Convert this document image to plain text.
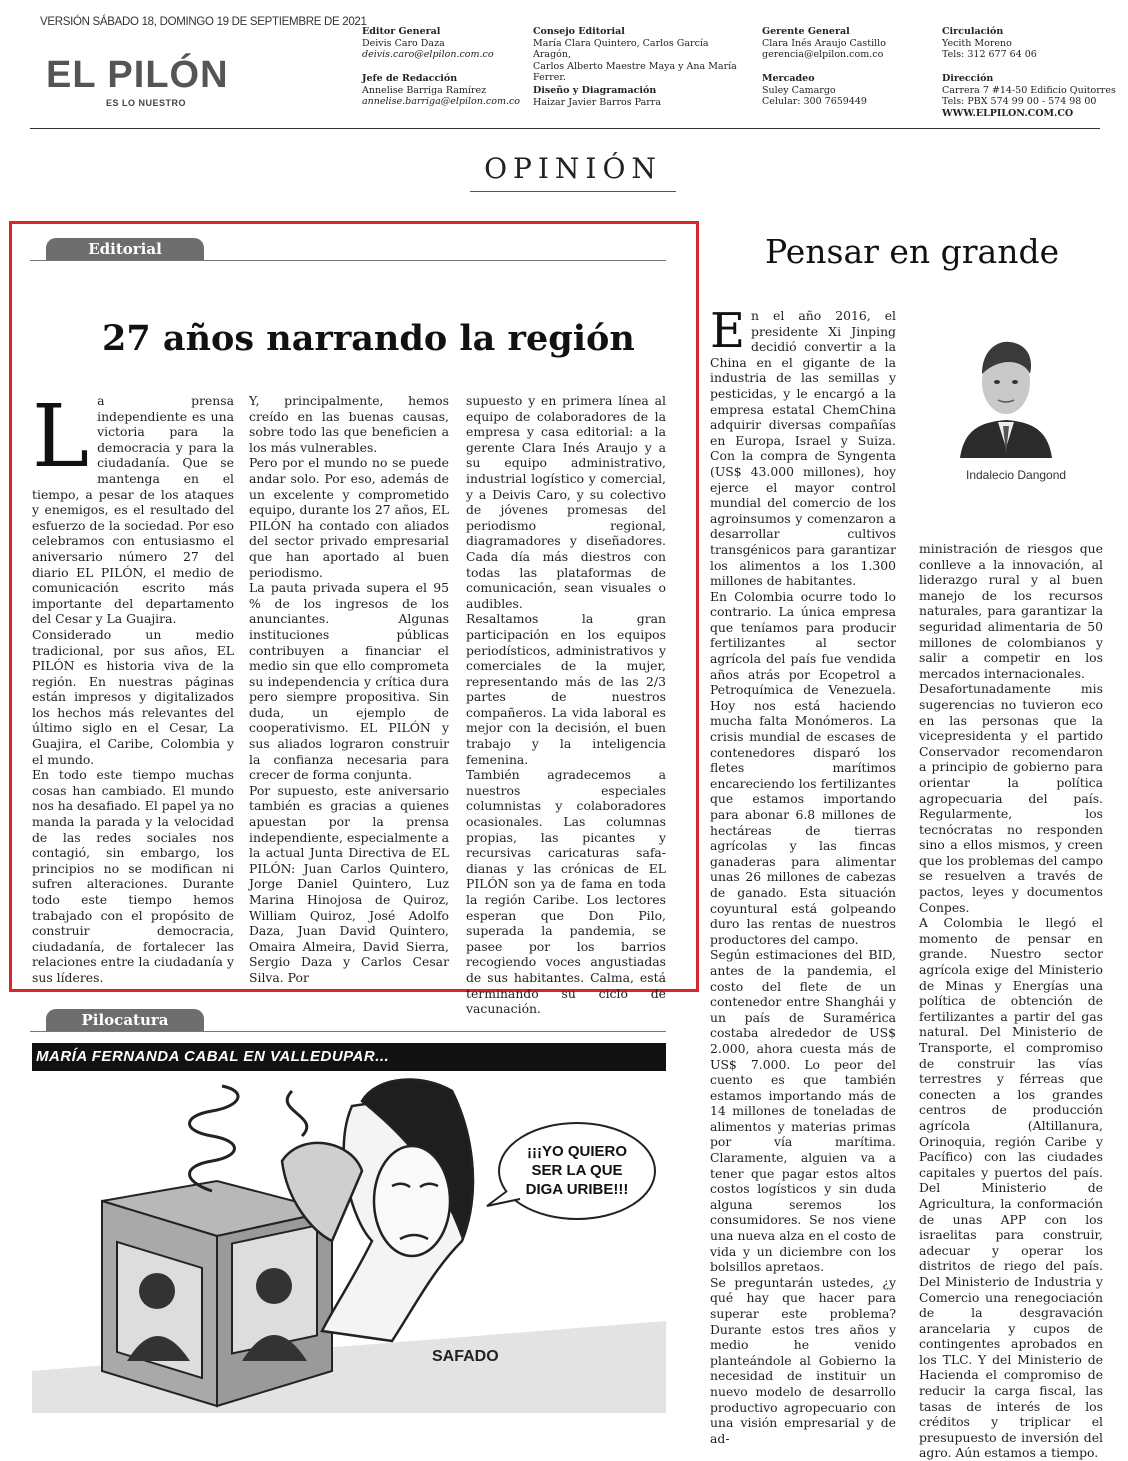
VERSIÓN SÁBADO 18, DOMINGO 19 DE SEPTIEMBRE DE 2021
EL PILÓN
ES LO NUESTRO
Editor General
Deivis Caro Daza
deivis.caro@elpilon.com.co
Jefe de Redacción
Annelise Barriga Ramírez
annelise.barriga@elpilon.com.co
Consejo Editorial
María Clara Quintero, Carlos García Aragón,
Carlos Alberto Maestre Maya y Ana María
Ferrer.
Diseño y Diagramación
Haizar Javier Barros Parra
Gerente General
Clara Inés Araujo Castillo
gerencia@elpilon.com.co
Mercadeo
Suley Camargo
Celular: 300 7659449
Circulación
Yecith Moreno
Tels: 312 677 64 06
Dirección
Carrera 7 #14-50 Edificio Quitorres
Tels: PBX 574 99 00 - 574 98 00
WWW.ELPILON.COM.CO
OPINIÓN
Editorial
27 años narrando la región
L a prensa independiente es una victoria para la democracia y para la ciudadanía. Que se mantenga en el tiempo, a pesar de los ataques y enemigos, es el resultado del esfuerzo de la sociedad. Por eso celebramos con entusiasmo el aniversario número 27 del diario EL PILÓN, el medio de comunicación escrito más importante del departamento del Cesar y La Guajira.

Considerado un medio tradicional, por sus años, EL PILÓN es historia viva de la región. En nuestras páginas están impresos y digitalizados los hechos más relevantes del último siglo en el Cesar, La Guajira, el Caribe, Colombia y el mundo.

En todo este tiempo muchas cosas han cambiado. El mundo nos ha desafiado. El papel ya no manda la parada y la velocidad de las redes sociales nos contagió, sin embargo, los principios no se modifican ni sufren alteraciones. Durante todo este tiempo hemos trabajado con el propósito de construir democracia, ciudadanía, de fortalecer las relaciones entre la ciudadanía y sus líderes.

Y, principalmente, hemos creído en las buenas causas, sobre todo las que beneficien a los más vulnerables.

Pero por el mundo no se puede andar solo. Por eso, además de un excelente y comprometido equipo, durante los 27 años, EL PILÓN ha contado con aliados del sector privado empresarial que han aportado al buen periodismo.

La pauta privada supera el 95 % de los ingresos de los anunciantes. Algunas instituciones públicas contribuyen a financiar el medio sin que ello comprometa su independencia y crítica dura pero siempre propositiva. Sin duda, un ejemplo de cooperativismo. EL PILÓN y sus aliados lograron construir la confianza necesaria para crecer de forma conjunta.

Por supuesto, este aniversario también es gracias a quienes apuestan por la prensa independiente, especialmente a la actual Junta Directiva de EL PILÓN: Juan Carlos Quintero, Jorge Daniel Quintero, Luz Marina Hinojosa de Quiroz, William Quiroz, José Adolfo Daza, Juan David Quintero, Omaira Almeira, David Sierra, Sergio Daza y Carlos Cesar Silva. Por

supuesto y en primera línea al equipo de colaboradores de la empresa y casa editorial: a la gerente Clara Inés Araujo y a su equipo administrativo, industrial logístico y comercial, y a Deivis Caro, y su colectivo de jóvenes promesas del periodismo regional, diagramadores y diseñadores. Cada día más diestros con todas las plataformas de comunicación, sean visuales o audibles.

Resaltamos la gran participación en los equipos periodísticos, administrativos y comerciales de la mujer, representando más de las 2/3 partes de nuestros compañeros. La vida laboral es mejor con la decisión, el buen trabajo y la inteligencia femenina.

También agradecemos a nuestros especiales columnistas y colaboradores ocasionales. Las columnas propias, las picantes y recursivas caricaturas safa-dianas y las crónicas de EL PILÓN son ya de fama en toda la región Caribe. Los lectores esperan que Don Pilo, superada la pandemia, se pasee por los barrios recogiendo voces angustiadas de sus habitantes. Calma, está terminando su ciclo de vacunación.

Pilocatura
MARÍA FERNANDA CABAL EN VALLEDUPAR...
¡¡¡YO QUIERO
SER LA QUE
DIGA URIBE!!!
SAFADO
Pensar en grande
Indalecio Dangond
E n el año 2016, el presidente Xi Jinping decidió convertir a la China en el gigante de la industria de las semillas y pesticidas, y le encargó a la empresa estatal ChemChina adquirir diversas compañías en Europa, Israel y Suiza. Con la compra de Syngenta (US$ 43.000 millones), hoy ejerce el mayor control mundial del comercio de los agroinsumos y comenzaron a desarrollar cultivos transgénicos para garantizar los alimentos a los 1.300 millones de habitantes.

En Colombia ocurre todo lo contrario. La única empresa que teníamos para producir fertilizantes al sector agrícola del país fue vendida años atrás por Ecopetrol a Petroquímica de Venezuela. Hoy nos está haciendo mucha falta Monómeros. La crisis mundial de escases de contenedores disparó los fletes marítimos encareciendo los fertilizantes que estamos importando para abonar 6.8 millones de hectáreas de tierras agrícolas y las fincas ganaderas para alimentar unas 26 millones de cabezas de ganado. Esta situación coyuntural está golpeando duro las rentas de nuestros productores del campo.

Según estimaciones del BID, antes de la pandemia, el costo del flete de un contenedor entre Shanghái y un país de Suramérica costaba alrededor de US$ 2.000, ahora cuesta más de US$ 7.000. Lo peor del cuento es que también estamos importando más de 14 millones de toneladas de alimentos y materias primas por vía marítima. Claramente, alguien va a tener que pagar estos altos costos logísticos y sin duda alguna seremos los consumidores. Se nos viene una nueva alza en el costo de vida y un diciembre con los bolsillos apretaos.

Se preguntarán ustedes, ¿y qué hay que hacer para superar este problema? Durante estos tres años y medio he venido planteándole al Gobierno la necesidad de instituir un nuevo modelo de desarrollo productivo agropecuario con una visión empresarial y de ad-

ministración de riesgos que conlleve a la innovación, al liderazgo rural y al buen manejo de los recursos naturales, para garantizar la seguridad alimentaria de 50 millones de colombianos y salir a competir en los mercados internacionales.

Desafortunadamente mis sugerencias no tuvieron eco en las personas que la vicepresidenta y el partido Conservador recomendaron a principio de gobierno para orientar la política agropecuaria del país. Regularmente, los tecnócratas no responden sino a ellos mismos, y creen que los problemas del campo se resuelven a través de pactos, leyes y documentos Conpes.

A Colombia le llegó el momento de pensar en grande. Nuestro sector agrícola exige del Ministerio de Minas y Energías una política de obtención de fertilizantes a partir del gas natural. Del Ministerio de Transporte, el compromiso de construir las vías terrestres y férreas que conecten a los grandes centros de producción agrícola (Altillanura, Orinoquia, región Caribe y Pacífico) con las ciudades capitales y puertos del país. Del Ministerio de Agricultura, la conformación de unas APP con los israelitas para construir, adecuar y operar los distritos de riego del país. Del Ministerio de Industria y Comercio una renegociación de la desgravación arancelaria y cupos de contingentes aprobados en los TLC. Y del Ministerio de Hacienda el compromiso de reducir la carga fiscal, las tasas de interés de los créditos y triplicar el presupuesto de inversión del agro. Aún estamos a tiempo.
